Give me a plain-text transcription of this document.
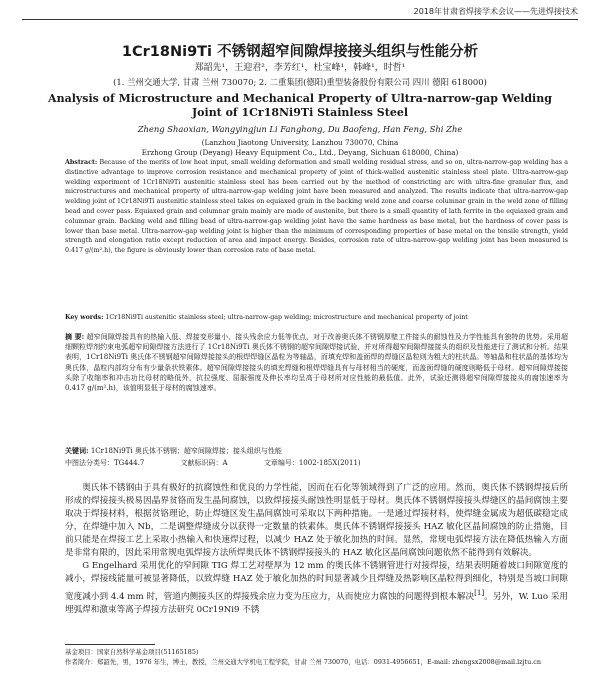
2018年甘肃省焊接学术会议——先进焊接技术
1Cr18Ni9Ti 不锈钢超窄间隙焊接接头组织与性能分析
郑韶先¹，王迎君²，李芳红¹，杜宝峰¹，韩峰¹，时哲¹
(1. 兰州交通大学, 甘肃 兰州 730070; 2. 二重集团(德阳)重型装备股份有限公司 四川 德阳 618000)
Analysis of Microstructure and Mechanical Property of Ultra-narrow-gap Welding
Joint of 1Cr18Ni9Ti Stainless Steel
Zheng Shaoxian, Wangyingjun Li Fanghong, Du Baofeng, Han Feng, Shi Zhe
(Lanzhou Jiaotong University, Lanzhou 730070, China
Erzhong Group (Deyang) Heavy Equipment Co., Ltd., Deyang, Sichuan 618000, China)
Abstract: Because of the merits of low heat input, small welding deformation and small welding residual stress, and so on, ultra-narrow-gap welding has a distinctive advantage to improve corrosion resistance and mechanical property of joint of thick-walled austenitic stainless steel plate. Ultra-narrow-gap welding experiment of 1Cr18Ni9Ti austenitic stainless steel has been carried out by the method of constricting arc with ultra-fine granular flux, and microstructures and mechanical property of ultra-narrow-gap welding joint have been measured and analyzed. The results indicate that ultra-narrow-gap welding joint of 1Cr18Ni9Ti austenitic stainless steel takes on equiaxed grain in the backing weld zone and coarse columnar grain in the weld zone of filling bead and cover pass. Equiaxed grain and columnar grain mainly are made of austenite, but there is a small quantity of lath ferrite in the equiaxed grain and columnar grain. Backing weld and filling bead of ultra-narrow-gap welding joint have the same hardness as base metal, but the hardness of cover pass is lower than base metal. Ultra-narrow-gap welding joint is higher than the minimum of corresponding properties of base metal on the tensile strength, yield strength and elongation ratio except reduction of area and impact energy. Besides, corrosion rate of ultra-narrow-gap welding joint has been measured is 0.417 g/(m².h), the figure is obviously lower than corrosion rate of base metal.
Key words: 1Cr18Ni9Ti austenitic stainless steel; ultra-narrow-gap welding; microstructure and mechanical property of joint
摘 要: 超窄间隙焊接具有的热输入低、焊接变形量小、接头残余应力低等优点，对于改善奥氏体不锈钢厚壁工件接头的耐蚀性及力学性能具有独特的优势。采用超细颗粒焊剂约束电弧超窄间隙焊接方法进行了 1Cr18Ni9Ti 奥氏体不锈钢的超窄间隙焊接试验，并对所得超窄间隙焊接接头的组织及性能进行了测试和分析。结果表明，1Cr18Ni9Ti 奥氏体不锈钢超窄间隙焊接接头的根焊焊缝区晶粒为等轴晶，而填充焊和盖面焊的焊缝区晶粒则为粗大的柱状晶。等轴晶和柱状晶的基体均为奥氏体，晶粒内部均分布有少量条状铁素体。超窄间隙焊接接头的填充焊缝和根焊焊缝具有与母材相当的硬度，而盖面焊缝的硬度则略低于母材。超窄间隙焊接接头除了收缩率和冲击功比母材的略低外，抗拉强度、屈服强度及伸长率均呈高于母材所对应性能的最低值。此外，试验还测得超窄间隙焊接接头的腐蚀速率为 0.417 g/(m².h)，该值明显低于母材的腐蚀速率。
关键词: 1Cr18Ni9Ti 奥氏体不锈钢；超窄间隙焊接；接头组织与性能
中图法分类号：TG444.7	文献标识码：A	文章编号：1002-185X(2011)

奥氏体不锈钢由于具有极好的抗腐蚀性和优良的力学性能，因而在石化等领域得到了广泛的应用。然而，奥氏体不锈钢焊接后所形成的焊接接头极易因晶界贫铬而发生晶间腐蚀，以致焊接接头耐蚀性明显低于母材。奥氏体不锈钢焊接接头焊缝区的晶间腐蚀主要取决于焊接材料，根据贫铬理论，防止焊缝区发生晶间腐蚀可采取以下两种措施。一是通过焊接材料，使焊缝金属成为超低碳稳定成分，在焊缝中加入 Nb，二是调整焊缝成分以获得一定数量的铁素体。奥氏体不锈钢焊接接头 HAZ 敏化区晶间腐蚀的防止措施，目前只能是在焊接工艺上采取小热输入和快速焊过程，以减少 HAZ 处于敏化加热的时间。显然，常规电弧焊接方法在降低热输入方面是非常有限的，因此采用常规电弧焊接方法所焊奥氏体不锈钢焊接接头的 HAZ 敏化区晶间腐蚀问题依然不能得到有效解决。

G Engelhard 采用优化的窄间隙 TIG 焊工艺对壁厚为 12 mm 的奥氏体不锈钢管进行对接焊接，结果表明随着坡口间隙宽度的减小，焊接线能量可被显著降低，以致焊缝 HAZ 处于敏化加热的时间显著减少且焊缝及热影响区晶粒得到细化，特别是当坡口间隙宽度减小到 4.4 mm 时，管道内侧接头区的焊接残余应力变为压应力，从而使应力腐蚀的问题得到根本解决[1]。另外，W. Luo 采用埋弧焊和激束等离子焊接方法研究 0Cr19Ni9 不锈

基金项目：国家自然科学基金项目(51165185)
作者简介：郑韶先，男，1976 年生，博士，教授，兰州交通大学机电工程学院，甘肃 兰州 730070，电话：0931-4956651，E-mail: zhengsx2008@mail.lzjtu.cn
